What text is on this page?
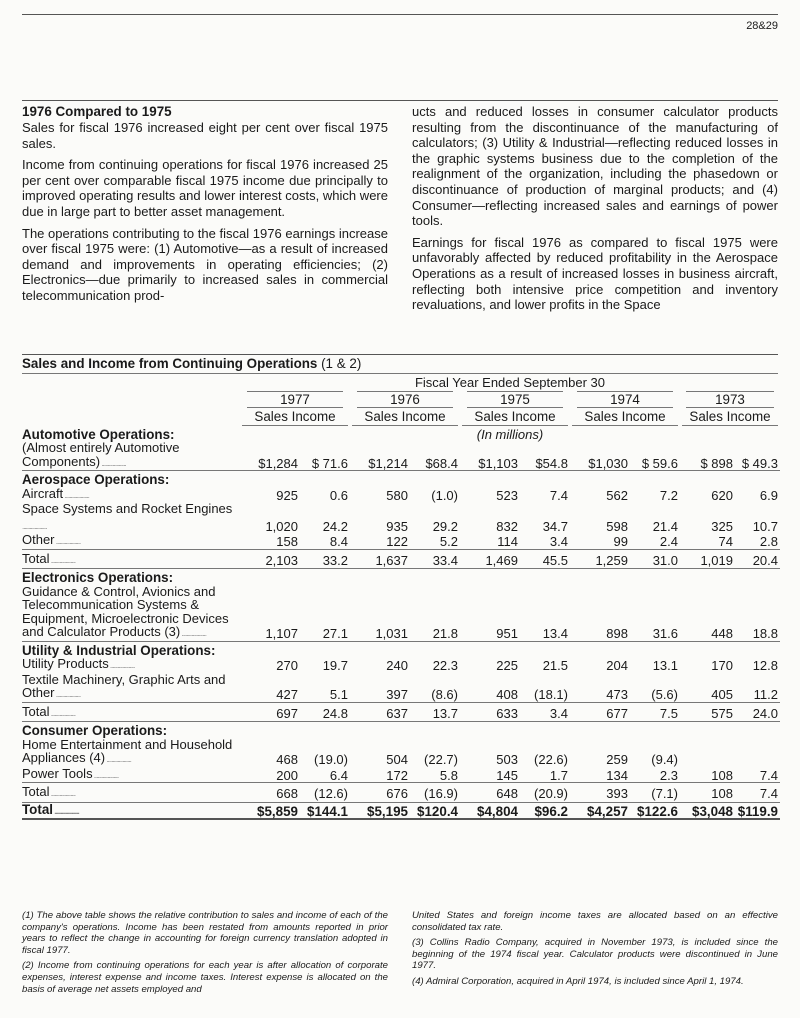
28&29
1976 Compared to 1975

Sales for fiscal 1976 increased eight per cent over fiscal 1975 sales.

Income from continuing operations for fiscal 1976 increased 25 per cent over comparable fiscal 1975 income due principally to improved operating results and lower interest costs, which were due in large part to better asset management.

The operations contributing to the fiscal 1976 earnings increase over fiscal 1975 were: (1) Automotive—as a result of increased demand and improvements in operating efficiencies; (2) Electronics—due primarily to increased sales in commercial telecommunication prod-

ucts and reduced losses in consumer calculator products resulting from the discontinuance of the manufacturing of calculators; (3) Utility & Industrial—reflecting reduced losses in the graphic systems business due to the completion of the realignment of the organization, including the phasedown or discontinuance of production of marginal products; and (4) Consumer—reflecting increased sales and earnings of power tools.

Earnings for fiscal 1976 as compared to fiscal 1975 were unfavorably affected by reduced profitability in the Aerospace Operations as a result of increased losses in business aircraft, reflecting both intensive price competition and inventory revaluations, and lower profits in the Space

Sales and Income from Continuing Operations (1 & 2)
	Fiscal Year Ended September 30									
	1977		1976		1975		1974		1973	
	Sales Income		Sales Income		Sales Income		Sales Income		Sales Income	
Automotive Operations:	(In millions)									
(Almost entirely Automotive Components) ....................	$1,284	$ 71.6	$1,214	$68.4	$1,103	$54.8	$1,030	$ 59.6	$ 898	$ 49.3
Aerospace Operations:										
Aircraft ....................	925	0.6	580	(1.0)	523	7.4	562	7.2	620	6.9
Space Systems and Rocket Engines ....................	1,020	24.2	935	29.2	832	34.7	598	21.4	325	10.7
Other ....................	158	8.4	122	5.2	114	3.4	99	2.4	74	2.8
Total ....................	2,103	33.2	1,637	33.4	1,469	45.5	1,259	31.0	1,019	20.4
Electronics Operations:										
Guidance & Control, Avionics and Telecommunication Systems & Equipment, Microelectronic Devices and Calculator Products (3) ....................	1,107	27.1	1,031	21.8	951	13.4	898	31.6	448	18.8
Utility & Industrial Operations:										
Utility Products ....................	270	19.7	240	22.3	225	21.5	204	13.1	170	12.8
Textile Machinery, Graphic Arts and Other ....................	427	5.1	397	(8.6)	408	(18.1)	473	(5.6)	405	11.2
Total ....................	697	24.8	637	13.7	633	3.4	677	7.5	575	24.0
Consumer Operations:										
Home Entertainment and Household Appliances (4) ....................	468	(19.0)	504	(22.7)	503	(22.6)	259	(9.4)		
Power Tools ....................	200	6.4	172	5.8	145	1.7	134	2.3	108	7.4
Total ....................	668	(12.6)	676	(16.9)	648	(20.9)	393	(7.1)	108	7.4
Total ....................	$5,859	$144.1	$5,195	$120.4	$4,804	$96.2	$4,257	$122.6	$3,048	$119.9

(1) The above table shows the relative contribution to sales and income of each of the company's operations. Income has been restated from amounts reported in prior years to reflect the change in accounting for foreign currency translation adopted in fiscal 1977.

(2) Income from continuing operations for each year is after allocation of corporate expenses, interest expense and income taxes. Interest expense is allocated on the basis of average net assets employed and

United States and foreign income taxes are allocated based on an effective consolidated tax rate.

(3) Collins Radio Company, acquired in November 1973, is included since the beginning of the 1974 fiscal year. Calculator products were discontinued in June 1977.

(4) Admiral Corporation, acquired in April 1974, is included since April 1, 1974.
